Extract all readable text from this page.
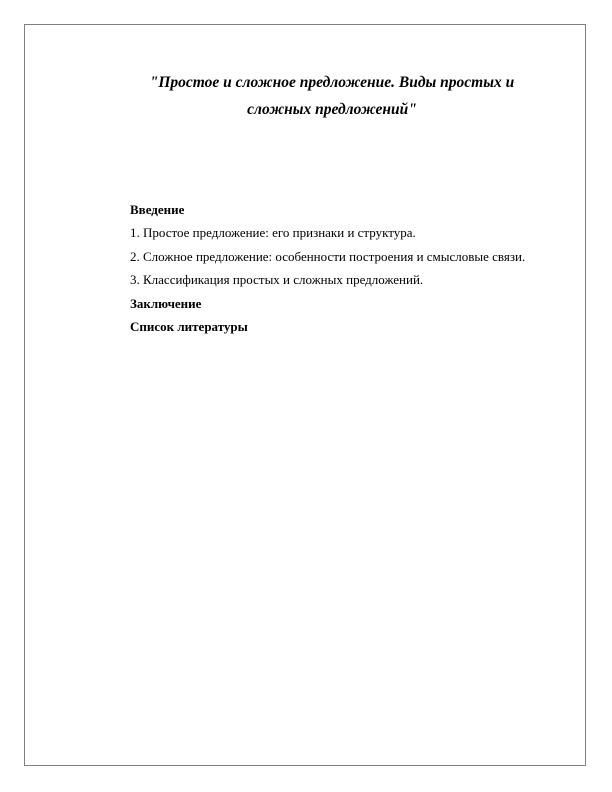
"Простое и сложное предложение. Виды простых и

сложных предложений"

Введение

1. Простое предложение: его признаки и структура.

2. Сложное предложение: особенности построения и смысловые связи.

3. Классификация простых и сложных предложений.

Заключение

Список литературы
